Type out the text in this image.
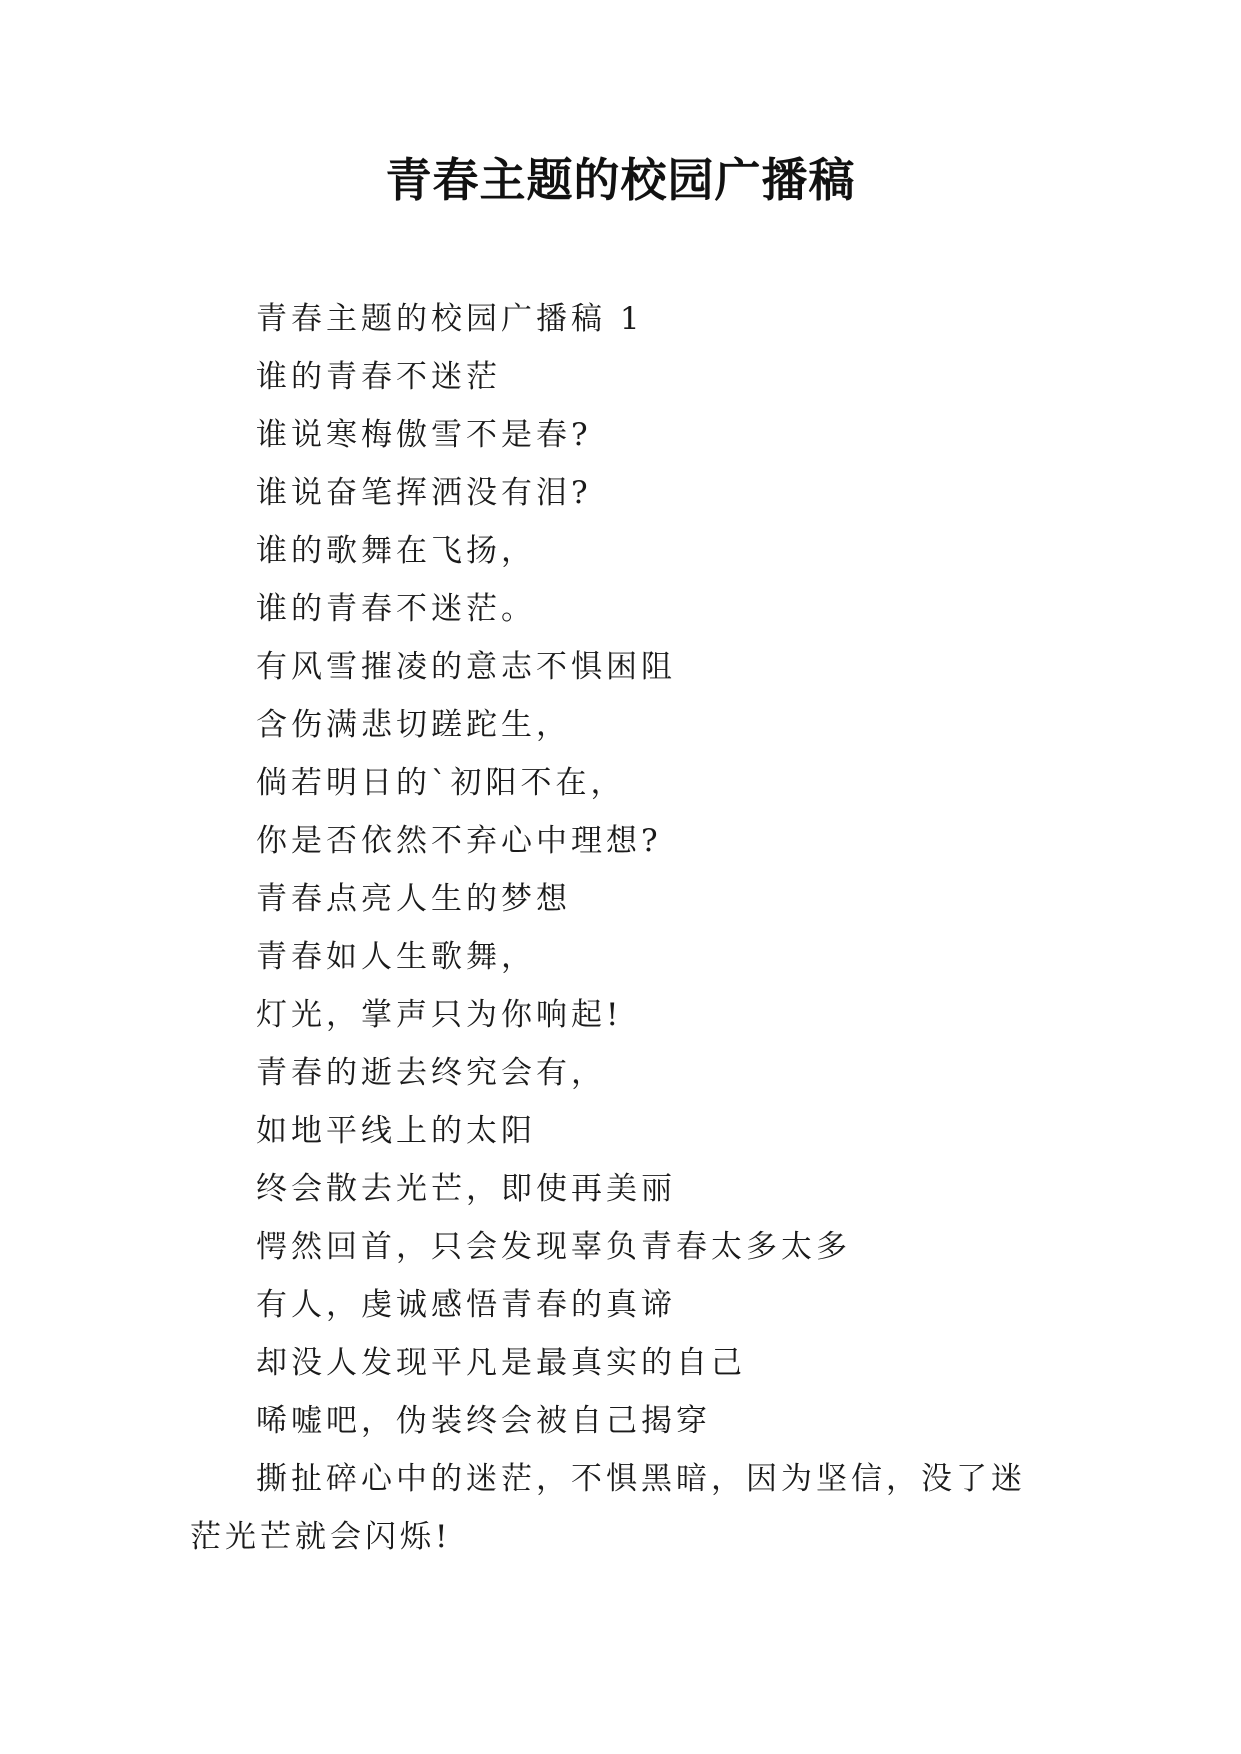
青春主题的校园广播稿
青春主题的校园广播稿 1
谁的青春不迷茫
谁说寒梅傲雪不是春?
谁说奋笔挥洒没有泪?
谁的歌舞在飞扬，
谁的青春不迷茫。
有风雪摧凌的意志不惧困阻
含伤满悲切蹉跎生，
倘若明日的`初阳不在，
你是否依然不弃心中理想?
青春点亮人生的梦想
青春如人生歌舞，
灯光，掌声只为你响起!
青春的逝去终究会有，
如地平线上的太阳
终会散去光芒，即使再美丽
愕然回首，只会发现辜负青春太多太多
有人，虔诚感悟青春的真谛
却没人发现平凡是最真实的自己
唏嘘吧，伪装终会被自己揭穿

撕扯碎心中的迷茫，不惧黑暗，因为坚信，没了迷茫光芒就会闪烁!
